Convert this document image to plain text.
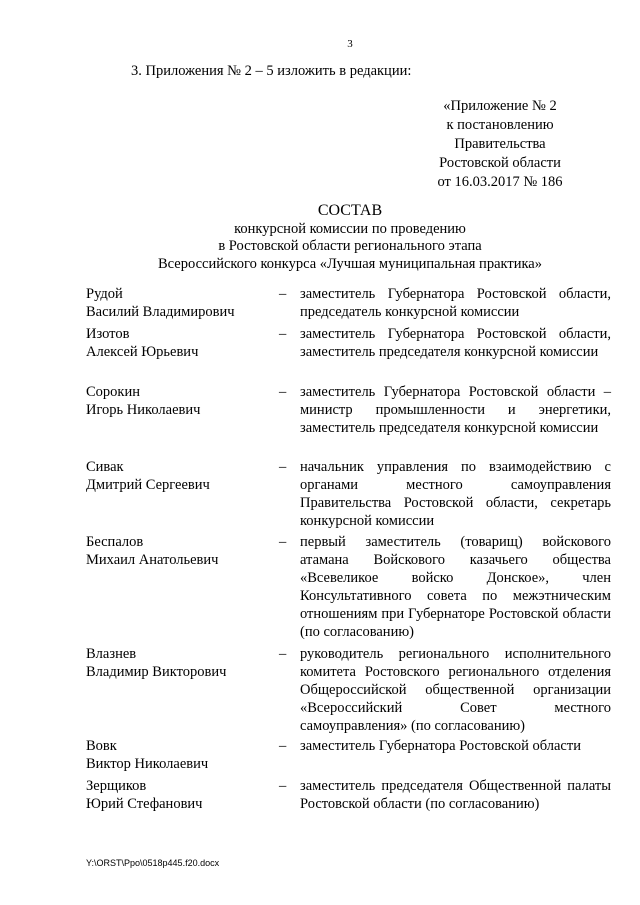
3
3. Приложения № 2 – 5 изложить в редакции:
«Приложение № 2
к постановлению
Правительства
Ростовской области
от 16.03.2017 № 186
СОСТАВ
конкурсной комиссии по проведению
в Ростовской области регионального этапа
Всероссийского конкурса «Лучшая муниципальная практика»
Рудой
Василий Владимирович
– заместитель Губернатора Ростовской области, председатель конкурсной комиссии
Изотов
Алексей Юрьевич
– заместитель Губернатора Ростовской области, заместитель председателя конкурсной комиссии
Сорокин
Игорь Николаевич
– заместитель Губернатора Ростовской области – министр промышленности и энергетики, заместитель председателя конкурсной комиссии
Сивак
Дмитрий Сергеевич
– начальник управления по взаимодействию с органами местного самоуправления Правительства Ростовской области, секретарь конкурсной комиссии
Беспалов
Михаил Анатольевич
– первый заместитель (товарищ) войскового атамана Войскового казачьего общества «Всевеликое войско Донское», член Консультативного совета по межэтническим отношениям при Губернаторе Ростовской области (по согласованию)
Влазнев
Владимир Викторович
– руководитель регионального исполнительного комитета Ростовского регионального отделения Общероссийской общественной организации «Всероссийский Совет местного самоуправления» (по согласованию)
Вовк
Виктор Николаевич
– заместитель Губернатора Ростовской области
Зерщиков
Юрий Стефанович
– заместитель председателя Общественной палаты Ростовской области (по согласованию)
Y:\ORST\Ppo\0518p445.f20.docx
